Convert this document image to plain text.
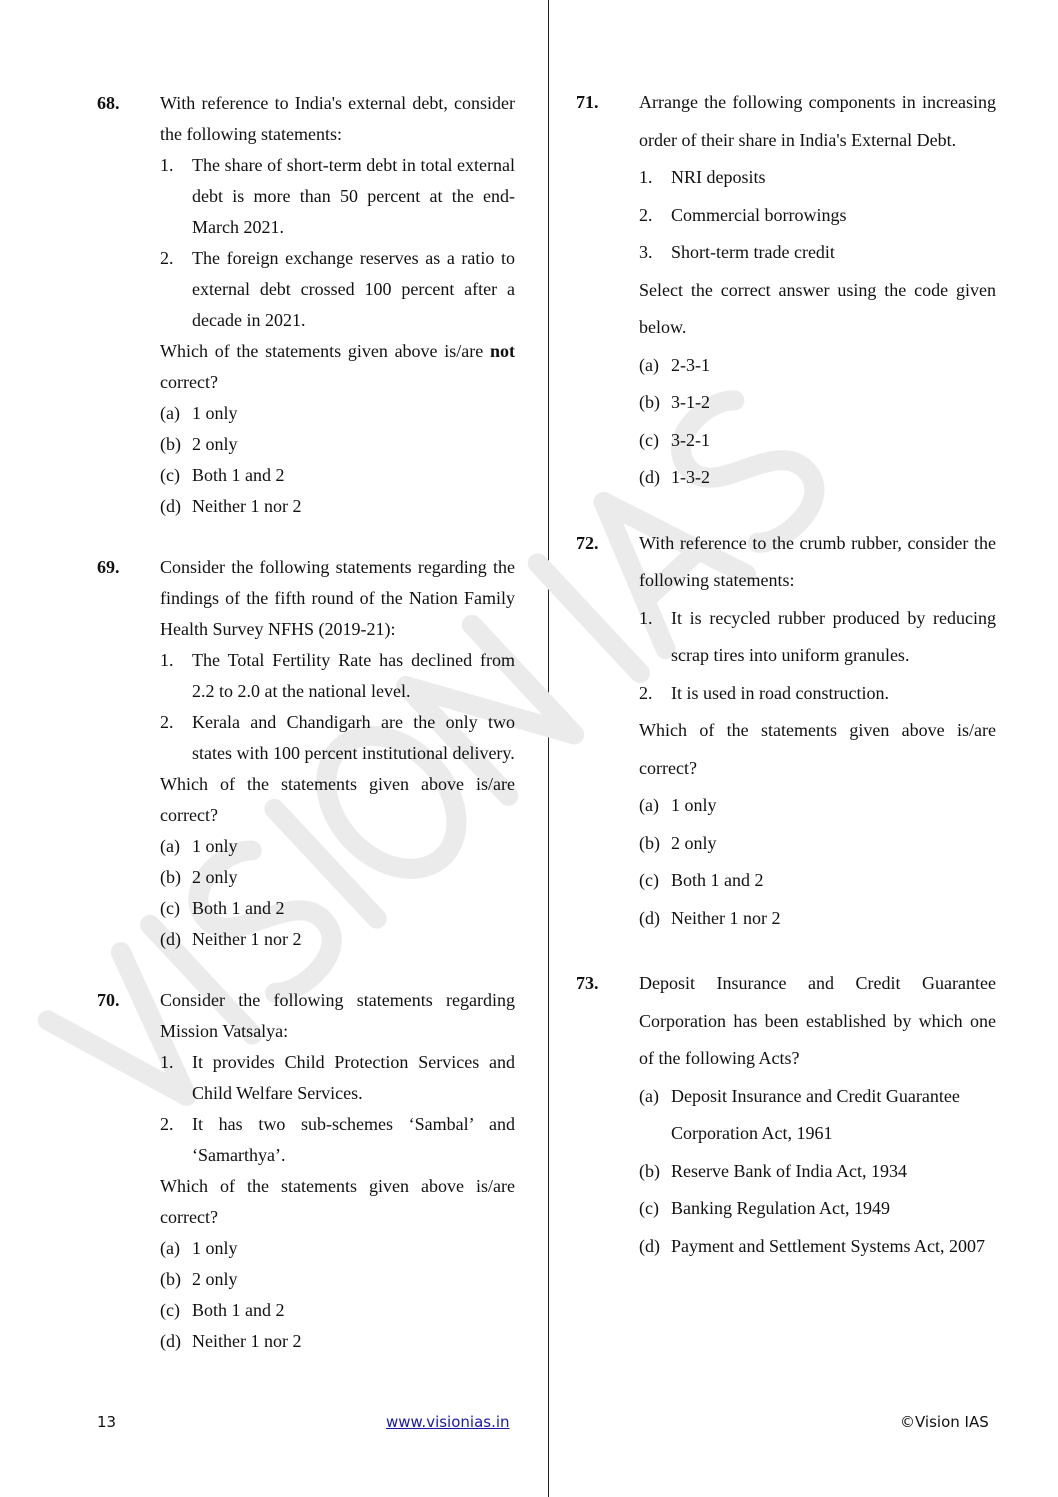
68. With reference to India's external debt, consider the following statements:
1.	The share of short-term debt in total external debt is more than 50 percent at the end-March 2021.
2.	The foreign exchange reserves as a ratio to external debt crossed 100 percent after a decade in 2021.
Which of the statements given above is/are not correct?
(a) 1 only
(b) 2 only
(c) Both 1 and 2
(d) Neither 1 nor 2
69. Consider the following statements regarding the findings of the fifth round of the Nation Family Health Survey NFHS (2019-21):
1.	The Total Fertility Rate has declined from 2.2 to 2.0 at the national level.
2.	Kerala and Chandigarh are the only two states with 100 percent institutional delivery.
Which of the statements given above is/are correct?
(a) 1 only
(b) 2 only
(c) Both 1 and 2
(d) Neither 1 nor 2
70. Consider the following statements regarding Mission Vatsalya:
1.	It provides Child Protection Services and Child Welfare Services.
2.	It has two sub-schemes ‘Sambal’ and ‘Samarthya’.
Which of the statements given above is/are correct?
(a) 1 only
(b) 2 only
(c) Both 1 and 2
(d) Neither 1 nor 2
71. Arrange the following components in increasing order of their share in India's External Debt.
1.	NRI deposits
2.	Commercial borrowings
3.	Short-term trade credit
Select the correct answer using the code given below.
(a) 2-3-1
(b) 3-1-2
(c) 3-2-1
(d) 1-3-2
72. With reference to the crumb rubber, consider the following statements:
1.	It is recycled rubber produced by reducing scrap tires into uniform granules.
2.	It is used in road construction.
Which of the statements given above is/are correct?
(a) 1 only
(b) 2 only
(c) Both 1 and 2
(d) Neither 1 nor 2
73. Deposit Insurance and Credit Guarantee Corporation has been established by which one of the following Acts?
(a) Deposit Insurance and Credit Guarantee Corporation Act, 1961
(b) Reserve Bank of India Act, 1934
(c) Banking Regulation Act, 1949
(d) Payment and Settlement Systems Act, 2007
13	www.visionias.in	©Vision IAS
